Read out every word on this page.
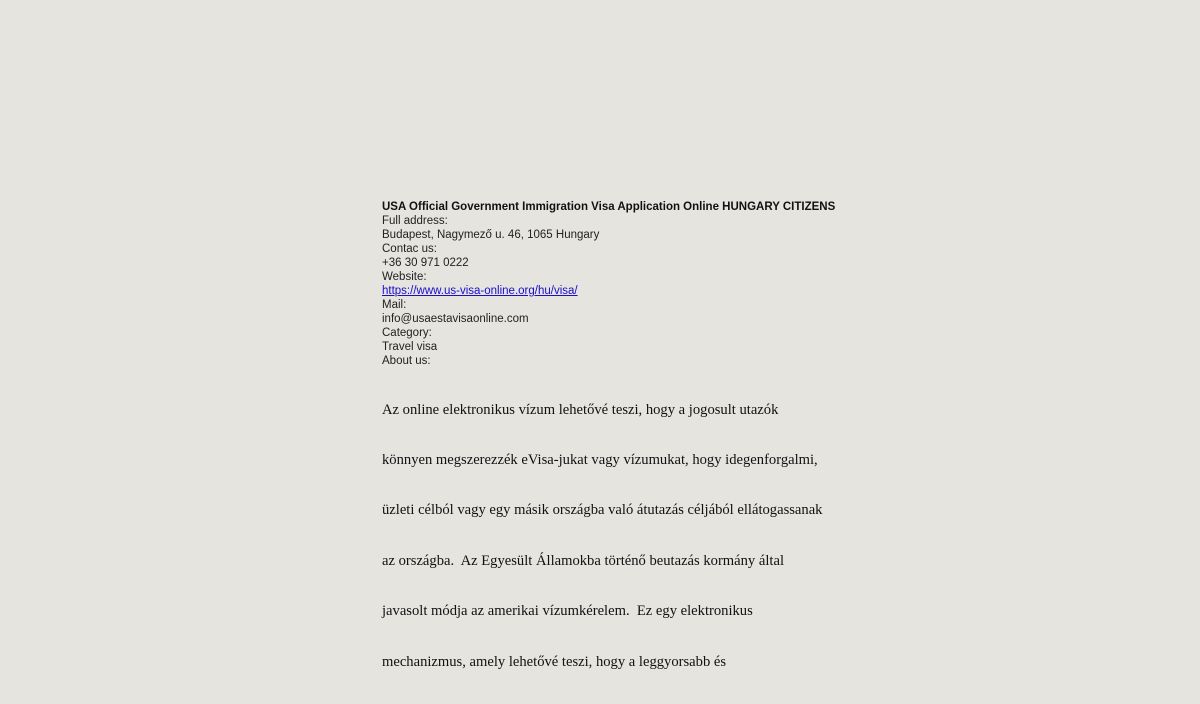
USA Official Government Immigration Visa Application Online HUNGARY CITIZENS

Full address:

Budapest, Nagymező u. 46, 1065 Hungary

Contac us:

+36 30 971 0222

Website:

https://www.us-visa-online.org/hu/visa/

Mail:

info@usaestavisaonline.com

Category:

Travel visa

About us:

Az online elektronikus vízum lehetővé teszi, hogy a jogosult utazók

könnyen megszerezzék eVisa-jukat vagy vízumukat, hogy idegenforgalmi,

üzleti célból vagy egy másik országba való átutazás céljából ellátogassanak

az országba.  Az Egyesült Államokba történő beutazás kormány által

javasolt módja az amerikai vízumkérelem.  Ez egy elektronikus

mechanizmus, amely lehetővé teszi, hogy a leggyorsabb és
